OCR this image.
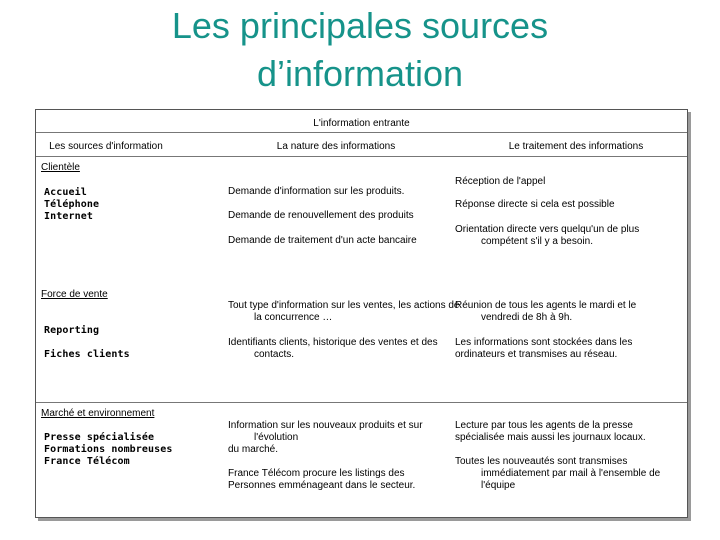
Les principales sources
d’information
L'information entrante
Les sources d'information	La nature des informations	Le traitement des informations
Clientèle
Accueil
Téléphone
Internet
Demande d'information sur les produits.
Demande de renouvellement des produits
Demande de traitement d'un acte bancaire
Réception de l'appel
Réponse directe si cela est possible
Orientation directe vers quelqu'un de plus compétent s'il y a besoin.
Force de vente
Reporting
Fiches clients
Tout type d'information sur les ventes, les actions de la concurrence …
Identifiants clients, historique des ventes et des contacts.
Réunion de tous les agents le mardi et le vendredi de 8h à 9h.
Les informations sont stockées dans les ordinateurs et transmises au réseau.
Marché et environnement
Presse spécialisée
Formations nombreuses
France Télécom
Information sur les nouveaux produits et sur l'évolution
du marché.
France Télécom procure les listings des Personnes emménageant dans le secteur.
Lecture par tous les agents de la presse spécialisée mais aussi les journaux locaux.
Toutes les nouveautés sont transmises immédiatement par mail à l'ensemble de l'équipe
